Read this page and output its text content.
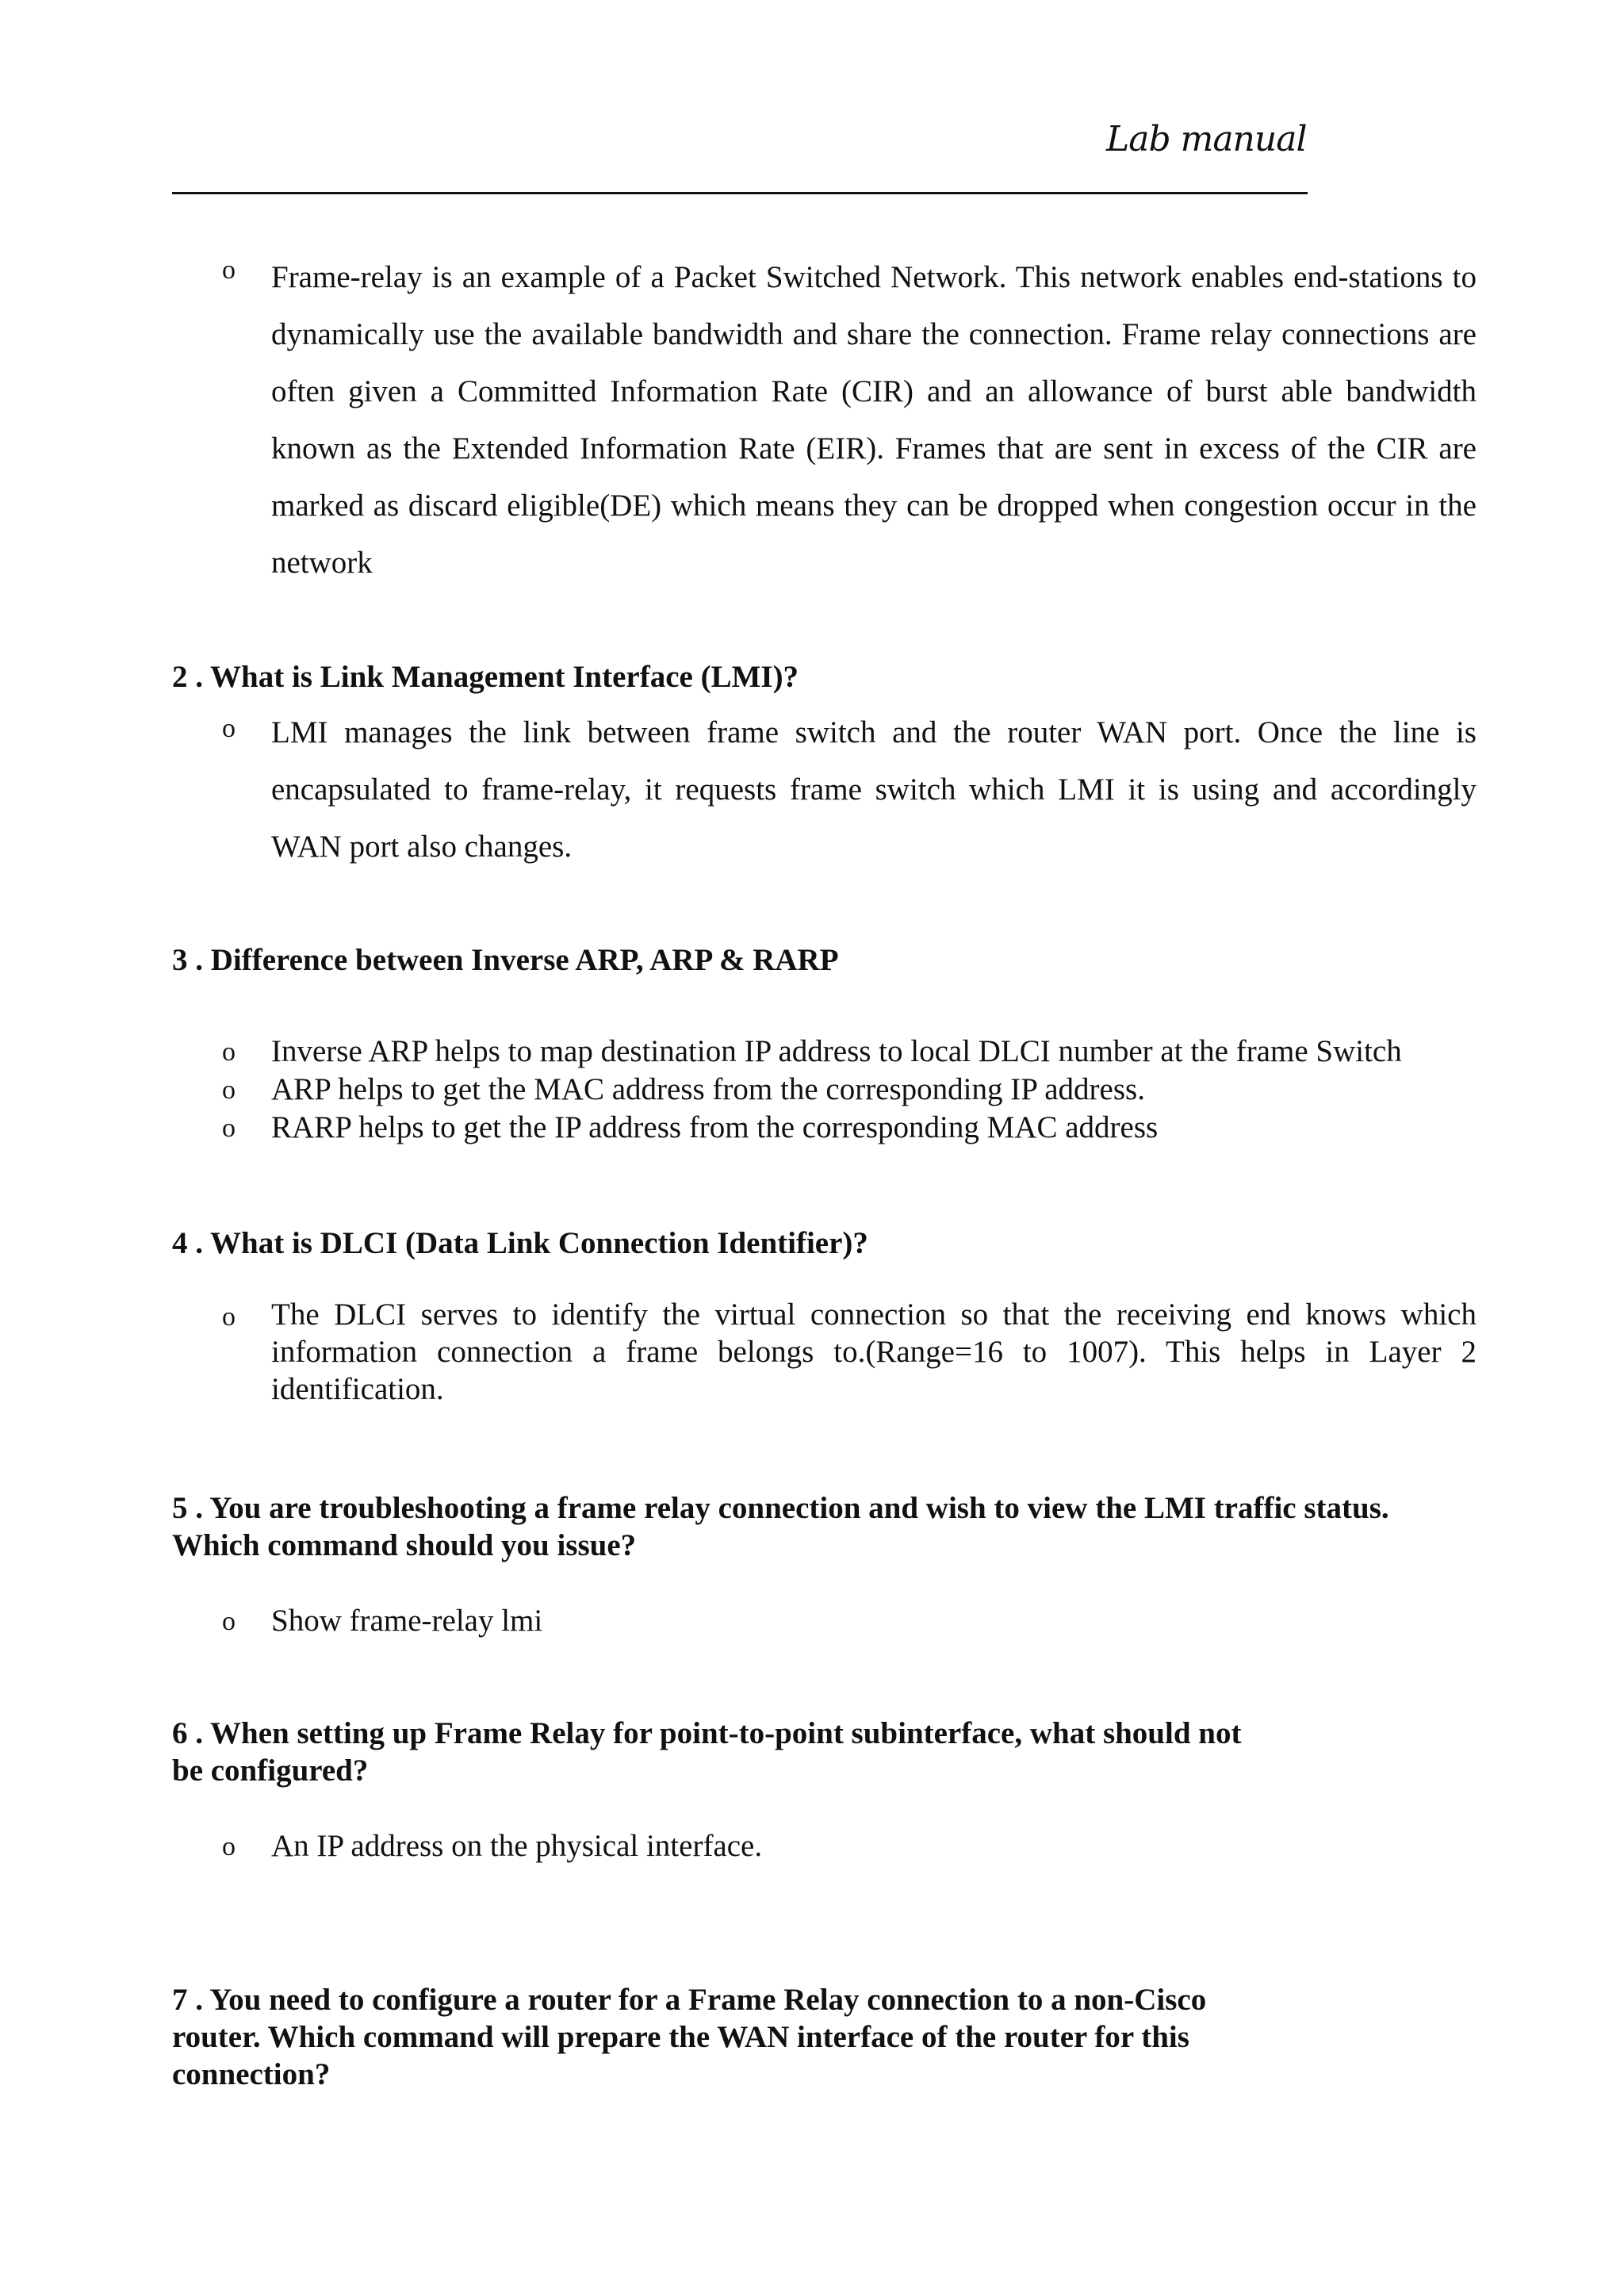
Lab manual
o Frame-relay is an example of a Packet Switched Network. This network enables end-stations to dynamically use the available bandwidth and share the connection. Frame relay connections are often given a Committed Information Rate (CIR) and an allowance of burst able bandwidth known as the Extended Information Rate (EIR). Frames that are sent in excess of the CIR are marked as discard eligible(DE) which means they can be dropped when congestion occur in the network
2 . What is Link Management Interface (LMI)?
o LMI manages the link between frame switch and the router WAN port. Once the line is encapsulated to frame-relay, it requests frame switch which LMI it is using and accordingly WAN port also changes.
3 . Difference between Inverse ARP, ARP & RARP
o Inverse ARP helps to map destination IP address to local DLCI number at the frame Switch
o ARP helps to get the MAC address from the corresponding IP address.
o RARP helps to get the IP address from the corresponding MAC address
4 . What is DLCI (Data Link Connection Identifier)?
o The DLCI serves to identify the virtual connection so that the receiving end knows which information connection a frame belongs to.(Range=16 to 1007). This helps in Layer 2 identification.
5 . You are troubleshooting a frame relay connection and wish to view the LMI traffic status.
Which command should you issue?
o Show frame-relay lmi
6 . When setting up Frame Relay for point-to-point subinterface, what should not
be configured?
o An IP address on the physical interface.
7 . You need to configure a router for a Frame Relay connection to a non-Cisco
router. Which command will prepare the WAN interface of the router for this
connection?
